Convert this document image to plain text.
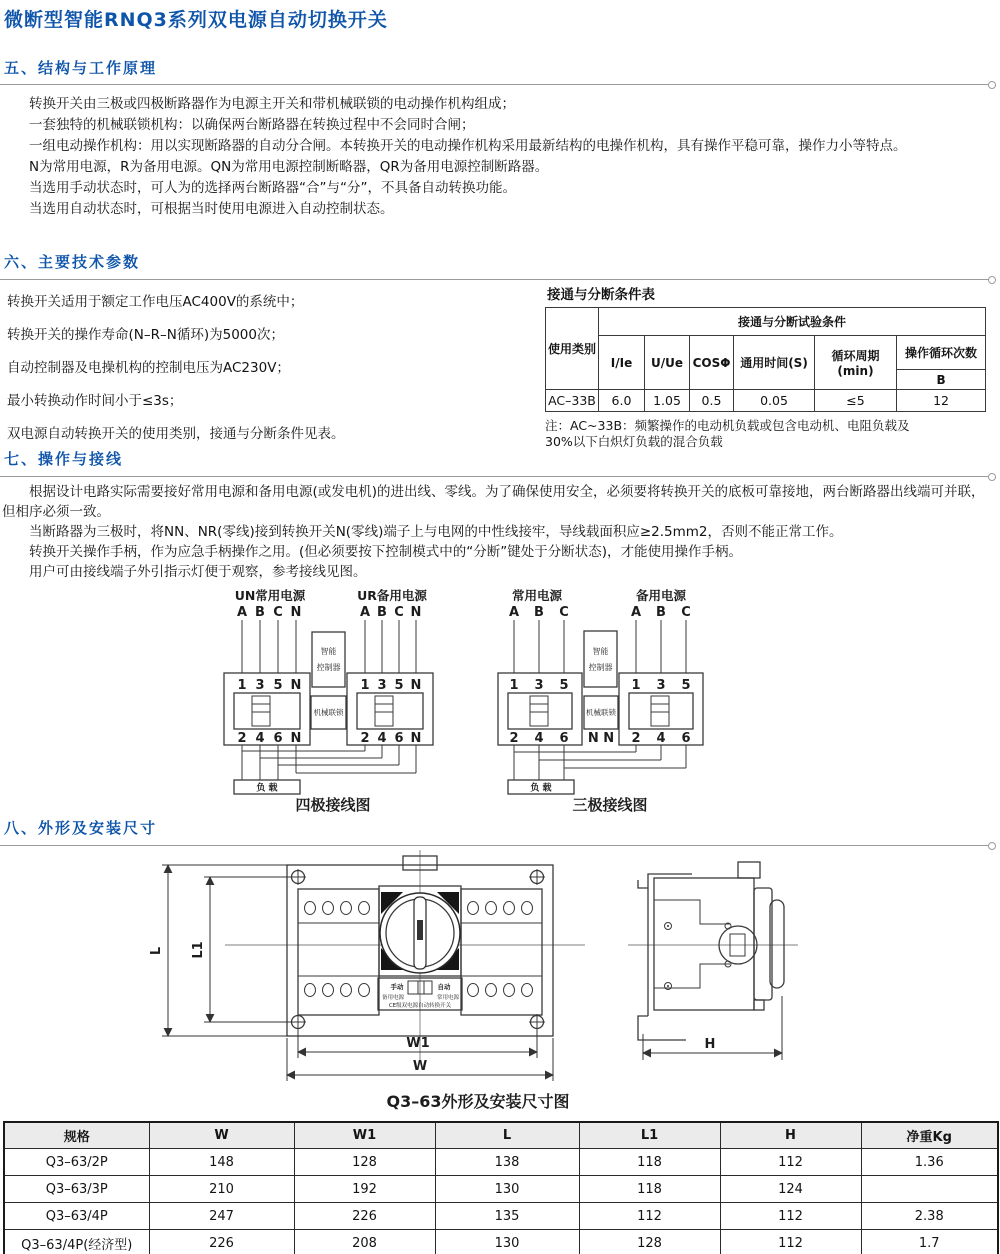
微断型智能RNQ3系列双电源自动切换开关
五、结构与工作原理

转换开关由三极或四极断路器作为电源主开关和带机械联锁的电动操作机构组成；

一套独特的机械联锁机构：以确保两台断路器在转换过程中不会同时合闸；

一组电动操作机构：用以实现断路器的自动分合闸。本转换开关的电动操作机构采用最新结构的电操作机构，具有操作平稳可靠，操作力小等特点。

N为常用电源，R为备用电源。QN为常用电源控制断略器，QR为备用电源控制断路器。

当选用手动状态时，可人为的选择两台断路器“合”与“分”，不具备自动转换功能。

当选用自动状态时，可根据当时使用电源进入自动控制状态。

六、主要技术参数

转换开关适用于额定工作电压AC400V的系统中；

转换开关的操作寿命(N–R–N循环)为5000次；

自动控制器及电操机构的控制电压为AC230V；

最小转换动作时间小于≤3s；

双电源自动转换开关的使用类别，接通与分断条件见表。

接通与分断条件表
使用类别	接通与分断试验条件					
	I/Ie	U/Ue	COSΦ	通用时间(S)	循环周期(min)	操作循环次数
						B
AC–33B	6.0	1.05	0.5	0.05	≤5	12
注：AC~33B：频繁操作的电动机负载或包含电动机、电阻负载及
30%以下白炽灯负载的混合负载
七、操作与接线

根据设计电路实际需要接好常用电源和备用电源(或发电机)的进出线、零线。为了确保使用安全，必须要将转换开关的底板可靠接地，两台断路器出线端可并联，但相序必须一致。

当断路器为三极时，将NN、NR(零线)接到转换开关N(零线)端子上与电网的中性线接牢，导线载面积应≥2.5mm2，否则不能正常工作。

转换开关操作手柄，作为应急手柄操作之用。(但必须要按下控制模式中的“分断”键处于分断状态)，才能使用操作手柄。

用户可由接线端子外引指示灯便于观察，参考接线见图。

UN常用电源	UR备用电源
A B C N	A B C N
1 3 5 N
2 4 6 N
智能
控制器
机械联锁
1 3 5 N
2 4 6 N
负 载
四极接线图
常用电源	备用电源
A B C	A B C
1 3 5
2 4 6
智能
控制器
机械联锁
N N
1 3 5
2 4 6
负 载
三极接线图
八、外形及安装尺寸
手动	自动
备用电源	常用电源
CE级双电源自动转换开关
L L1
W1
W
H
Q3–63外形及安装尺寸图
规格	W	W1	L	L1	H	净重Kg
Q3–63/2P	148	128	138	118	112	1.36
Q3–63/3P	210	192	130	118	124	
Q3–63/4P	247	226	135	112	112	2.38
Q3–63/4P(经济型)	226	208	130	128	112	1.7
